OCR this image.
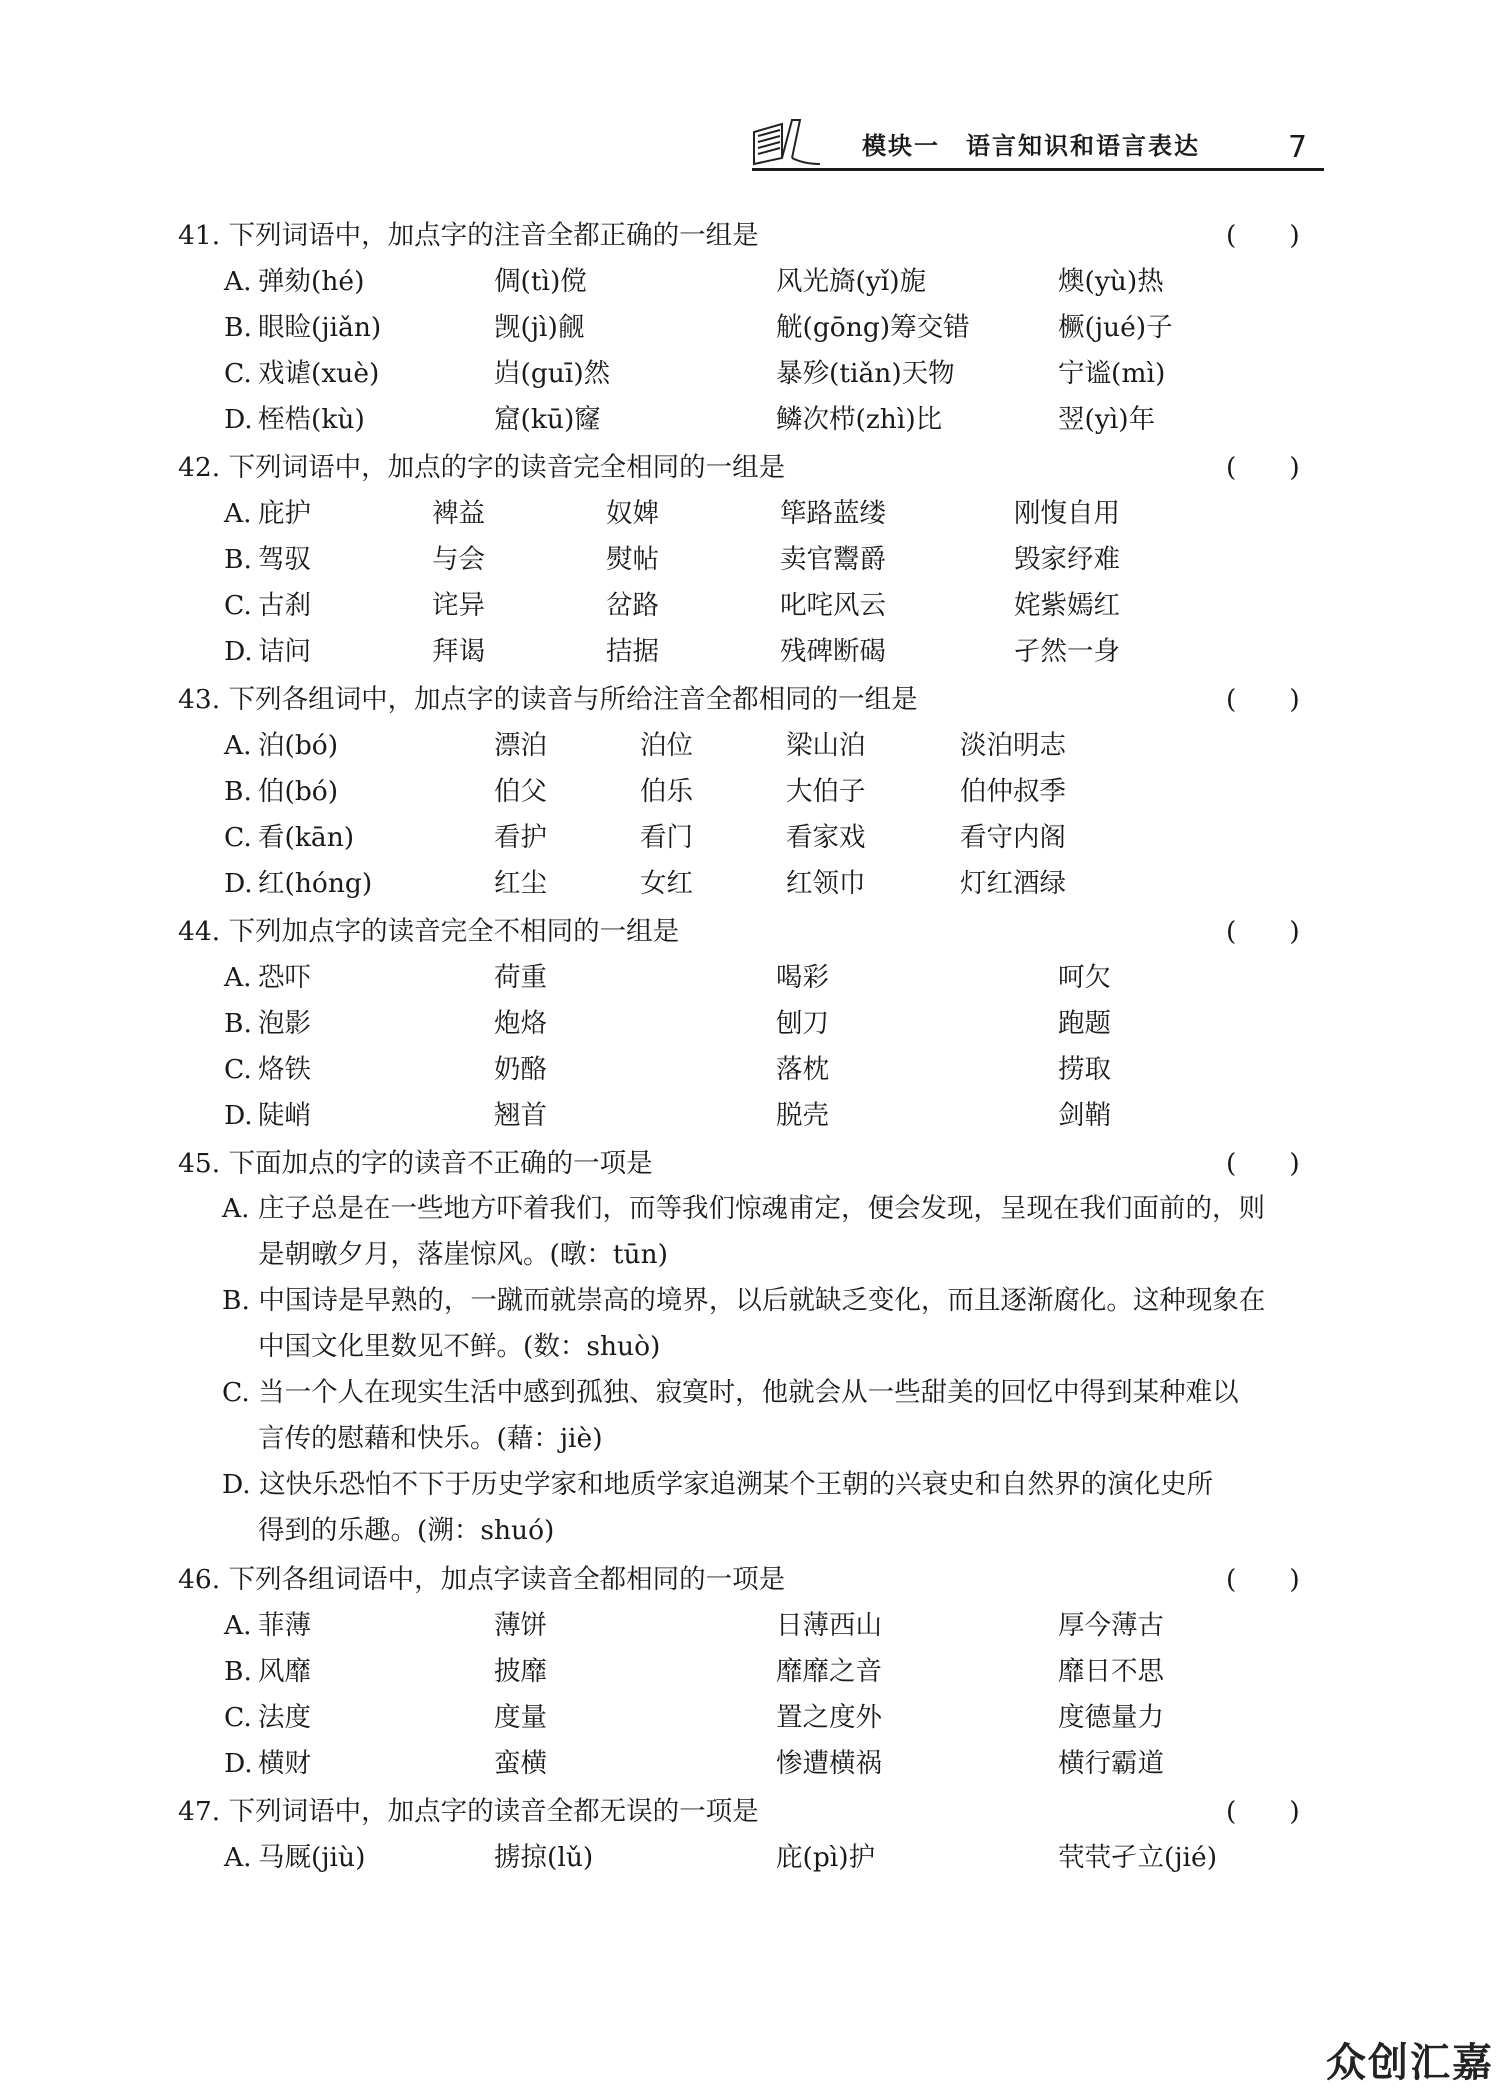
模块一　语言知识和语言表达	7
41. 下列词语中，加点字的注音全都正确的一组是	(　　)
A. 弹劾(hé)	倜(tì)傥	风光旖(yǐ)旎	燠(yù)热
B. 眼睑(jiǎn)	觊(jì)觎	觥(gōng)筹交错	橛(jué)子
C. 戏谑(xuè)	岿(guī)然	暴殄(tiǎn)天物	宁谧(mì)
D. 桎梏(kù)	窟(kū)窿	鳞次栉(zhì)比	翌(yì)年
42. 下列词语中，加点的字的读音完全相同的一组是	(　　)
A. 庇护	裨益	奴婢	筚路蓝缕	刚愎自用
B. 驾驭	与会	熨帖	卖官鬻爵	毁家纾难
C. 古刹	诧异	岔路	叱咤风云	姹紫嫣红
D. 诘问	拜谒	拮据	残碑断碣	孑然一身
43. 下列各组词中，加点字的读音与所给注音全都相同的一组是	(　　)
A. 泊(bó)	漂泊	泊位	梁山泊	淡泊明志
B. 伯(bó)	伯父	伯乐	大伯子	伯仲叔季
C. 看(kān)	看护	看门	看家戏	看守内阁
D. 红(hóng)	红尘	女红	红领巾	灯红酒绿
44. 下列加点字的读音完全不相同的一组是	(　　)
A. 恐吓	荷重	喝彩	呵欠
B. 泡影	炮烙	刨刀	跑题
C. 烙铁	奶酪	落枕	捞取
D. 陡峭	翘首	脱壳	剑鞘
45. 下面加点的字的读音不正确的一项是	(　　)
A. 庄子总是在一些地方吓着我们，而等我们惊魂甫定，便会发现，呈现在我们面前的，则
是朝暾夕月，落崖惊风。(暾：tūn)
B. 中国诗是早熟的，一蹴而就崇高的境界，以后就缺乏变化，而且逐渐腐化。这种现象在
中国文化里数见不鲜。(数：shuò)
C. 当一个人在现实生活中感到孤独、寂寞时，他就会从一些甜美的回忆中得到某种难以
言传的慰藉和快乐。(藉：jiè)
D. 这快乐恐怕不下于历史学家和地质学家追溯某个王朝的兴衰史和自然界的演化史所
得到的乐趣。(溯：shuó)
46. 下列各组词语中，加点字读音全都相同的一项是	(　　)
A. 菲薄	薄饼	日薄西山	厚今薄古
B. 风靡	披靡	靡靡之音	靡日不思
C. 法度	度量	置之度外	度德量力
D. 横财	蛮横	惨遭横祸	横行霸道
47. 下列词语中，加点字的读音全都无误的一项是	(　　)
A. 马厩(jiù)	掳掠(lǔ)	庇(pì)护	茕茕孑立(jié)
众创汇嘉
